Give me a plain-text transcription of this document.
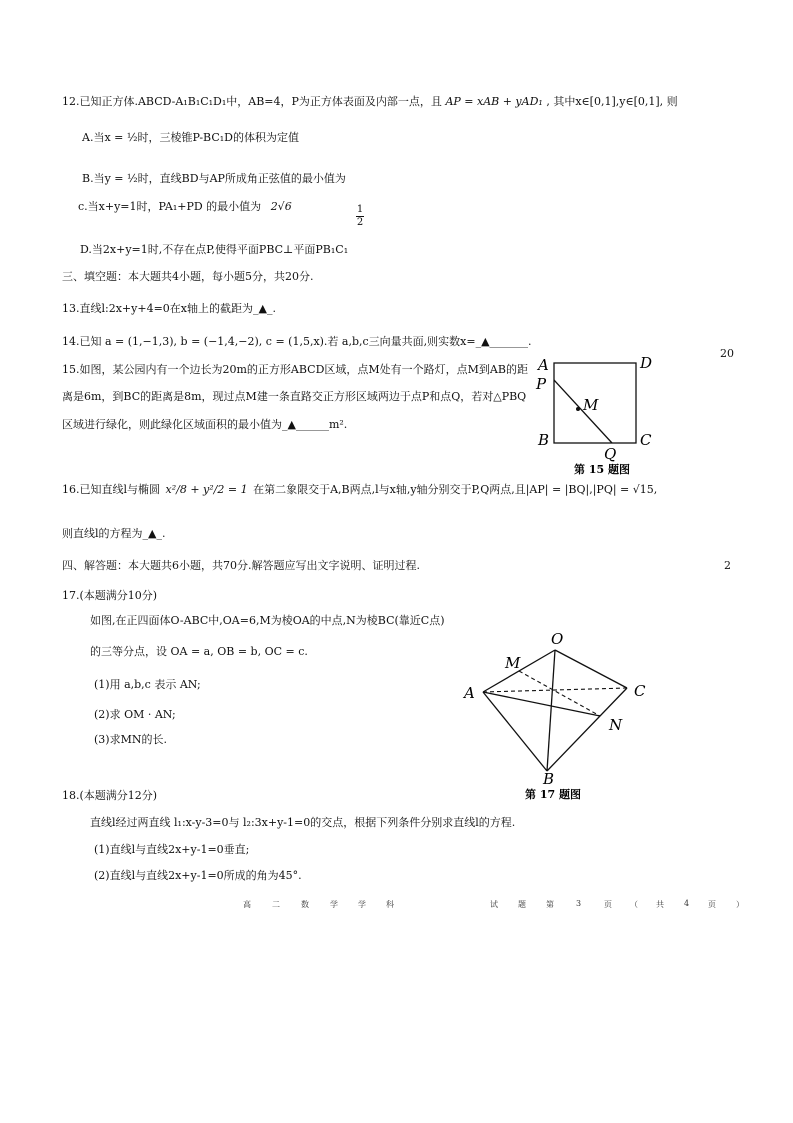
12.已知正方体.ABCD-A₁B₁C₁D₁中，AB=4，P为正方体表面及内部一点，且 AP = xAB + yAD₁ , 其中x∈[0,1],y∈[0,1], 则
A.当x = ½时，三棱锥P-BC₁D的体积为定值
B.当y = ½时，直线BD与AP所成角正弦值的最小值为
c.当x+y=1时，PA₁+PD 的最小值为 2√6	1
2
D.当2x+y=1时,不存在点P,使得平面PBC⊥平面PB₁C₁
三、填空题：本大题共4小题，每小题5分，共20分.
13.直线l:2x+y+4=0在x轴上的截距为_▲_.
14.已知 a = (1,−1,3), b = (−1,4,−2), c = (1,5,x).若 a,b,c三向量共面,则实数x=_▲_______.
20
15.如图，某公园内有一个边长为20m的正方形ABCD区域，点M处有一个路灯，点M到AB的距
离是6m，到BC的距离是8m，现过点M建一条直路交正方形区域两边于点P和点Q，若对△PBQ
区域进行绿化，则此绿化区域面积的最小值为_▲______m².
A	D
P
M
B	C
Q
第 15 题图
16.已知直线l与椭圆 x²/8 + y²/2 = 1 在第二象限交于A,B两点,l与x轴,y轴分别交于P,Q两点,且|AP| = |BQ|,|PQ| = √15,
则直线l的方程为_▲_.
四、解答题：本大题共6小题，共70分.解答题应写出文字说明、证明过程.	2
17.(本题满分10分)
如图,在正四面体O-ABC中,OA=6,M为棱OA的中点,N为棱BC(靠近C点)
的三等分点，设 OA = a, OB = b, OC = c.
(1)用 a,b,c 表示 AN;
(2)求 OM · AN;
(3)求MN的长.
O
M
A	C
N
B
第 17 题图
18.(本题满分12分)
直线l经过两直线 l₁:x-y-3=0与 l₂:3x+y-1=0的交点，根据下列条件分别求直线l的方程.
(1)直线l与直线2x+y-1=0垂直;
(2)直线l与直线2x+y-1=0所成的角为45°.
高	二	数	学	学	科	试	题	第	3	页 （ 共	4 页	）
